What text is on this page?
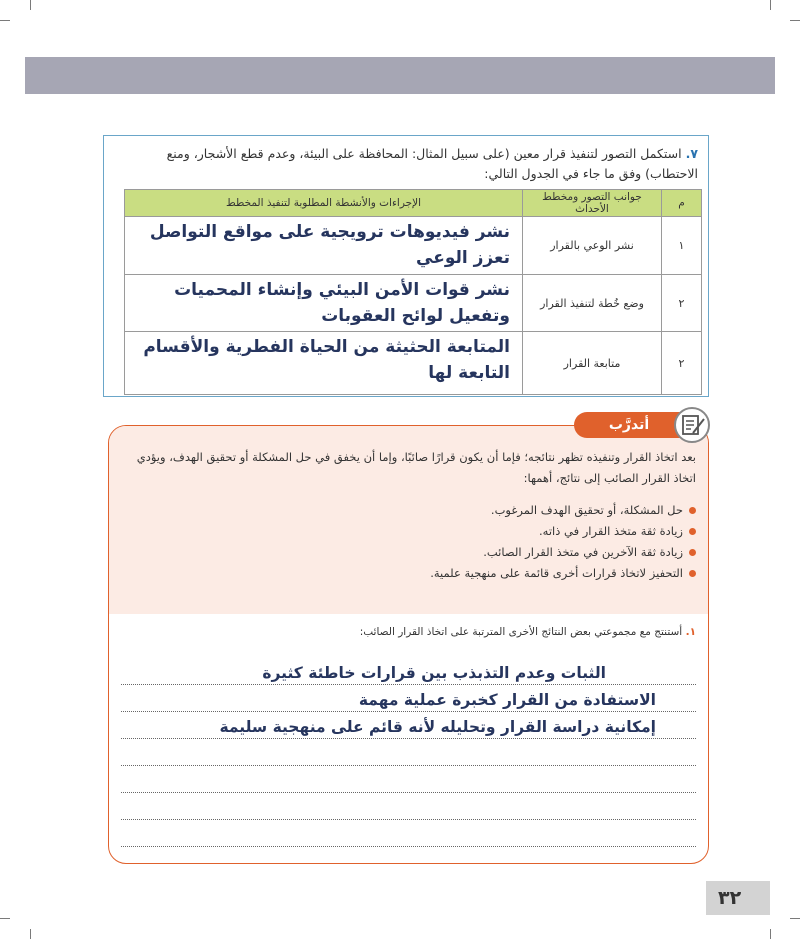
٧. استكمل التصور لتنفيذ قرار معين (على سبيل المثال: المحافظة على البيئة، وعدم قطع الأشجار، ومنع الاحتطاب) وفق ما جاء في الجدول التالي:
م	جوانب التصور ومخطط الأحداث	الإجراءات والأنشطة المطلوبة لتنفيذ المخطط
١	نشر الوعي بالقرار	نشر فيديوهات ترويجية على مواقع التواصل تعزز الوعي

٢	وضع خُطة لتنفيذ القرار	نشر قوات الأمن البيئي وإنشاء المحميات وتفعيل لوائح العقوبات

٢	متابعة القرار	المتابعة الحثيثة من الحياة الفطرية والأقسام التابعة لها
بعد اتخاذ القرار وتنفيذه تظهر نتائجه؛ فإما أن يكون قرارًا صائبًا، وإما أن يخفق في حل المشكلة أو تحقيق الهدف، ويؤدي اتخاذ القرار الصائب إلى نتائج، أهمها:
حل المشكلة، أو تحقيق الهدف المرغوب.
زيادة ثقة متخذ القرار في ذاته.
زيادة ثقة الآخرين في متخذ القرار الصائب.
التحفيز لاتخاذ قرارات أخرى قائمة على منهجية علمية.
١. أستنتج مع مجموعتي بعض النتائج الأخرى المترتبة على اتخاذ القرار الصائب:
الثبات وعدم التذبذب بين قرارات خاطئة كثيرة
الاستفادة من القرار كخبرة عملية مهمة
إمكانية دراسة القرار وتحليله لأنه قائم على منهجية سليمة
أتدرَّب
٣٢
